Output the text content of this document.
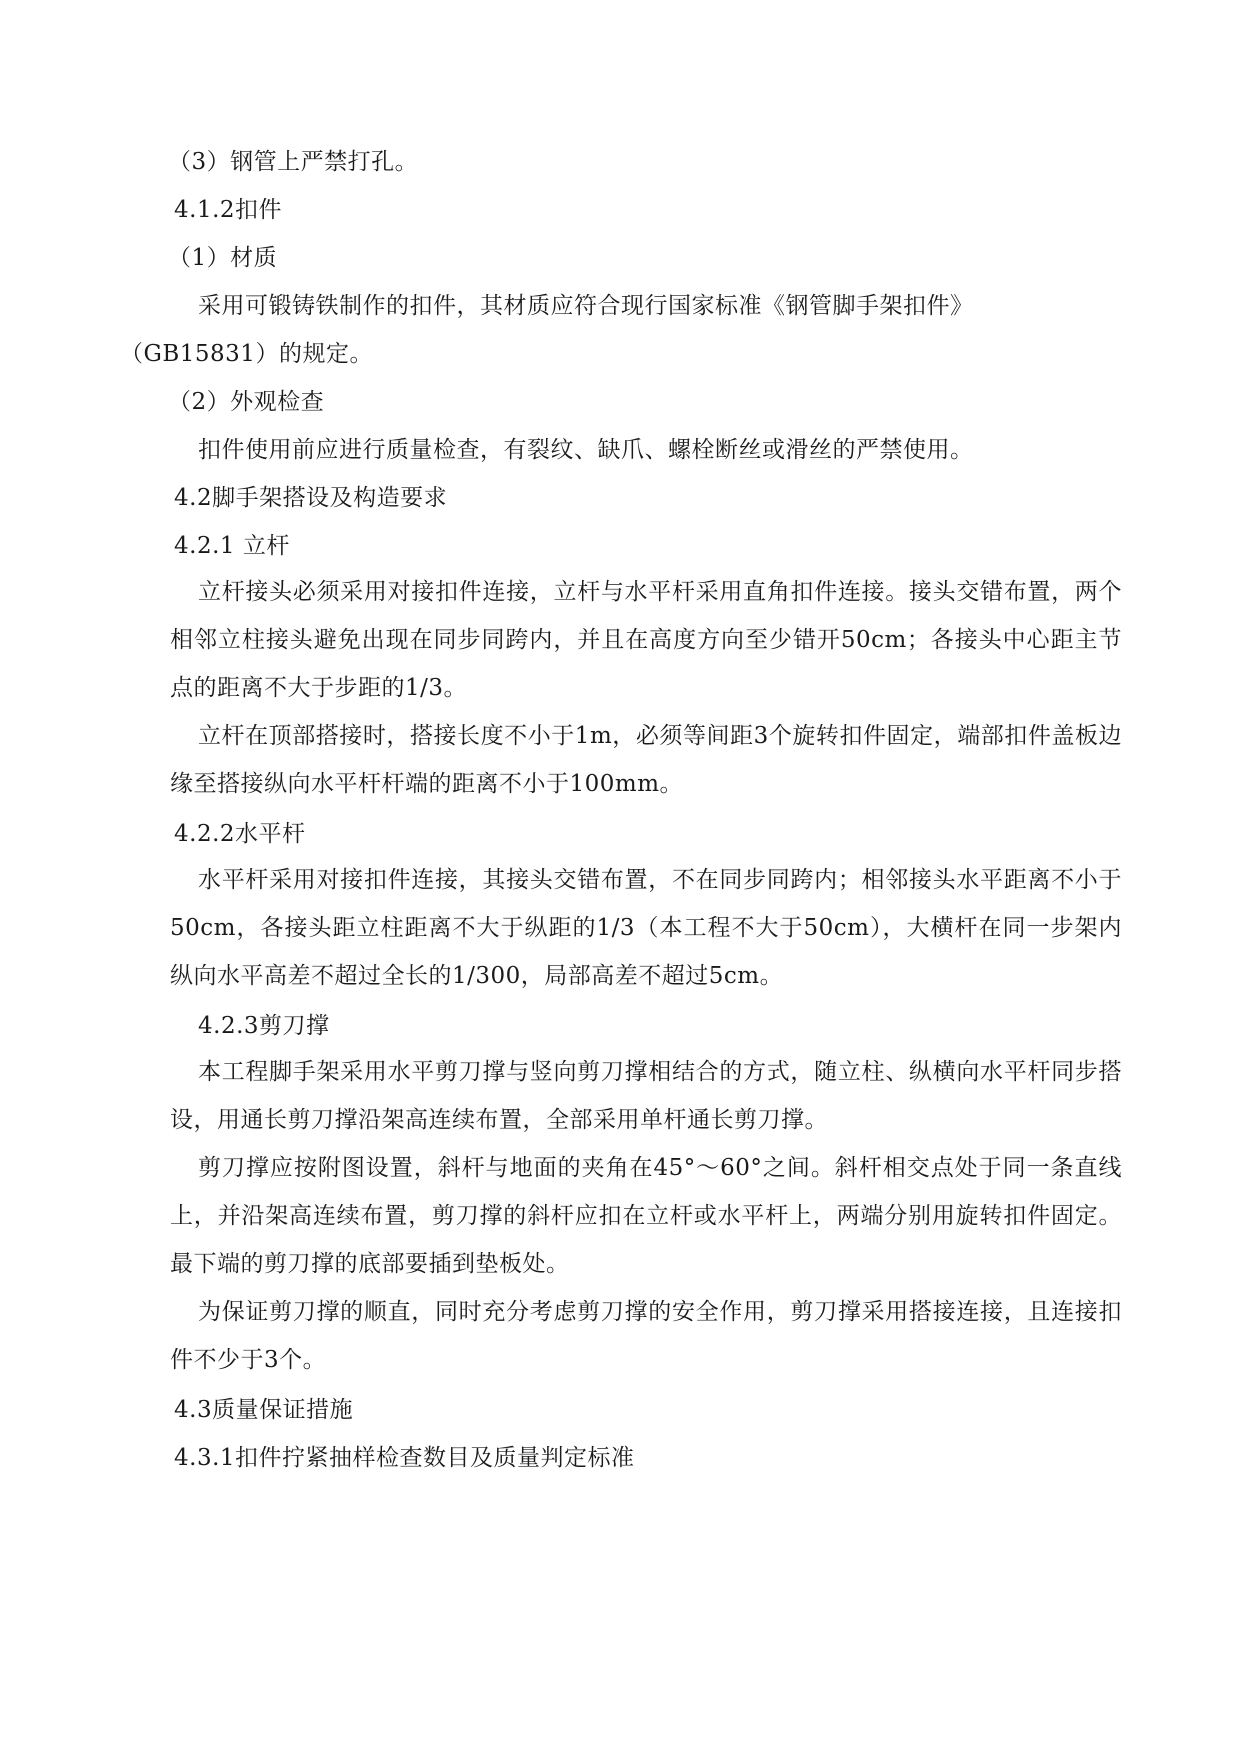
（3）钢管上严禁打孔。
4.1.2扣件
（1）材质
采用可锻铸铁制作的扣件，其材质应符合现行国家标准《钢管脚手架扣件》
（GB15831）的规定。
（2）外观检查
扣件使用前应进行质量检查，有裂纹、缺爪、螺栓断丝或滑丝的严禁使用。
4.2脚手架搭设及构造要求
4.2.1 立杆
立杆接头必须采用对接扣件连接，立杆与水平杆采用直角扣件连接。接头交错布置，两个相邻立柱接头避免出现在同步同跨内，并且在高度方向至少错开50cm；各接头中心距主节点的距离不大于步距的1/3。
立杆在顶部搭接时，搭接长度不小于1m，必须等间距3个旋转扣件固定，端部扣件盖板边缘至搭接纵向水平杆杆端的距离不小于100mm。
4.2.2水平杆
水平杆采用对接扣件连接，其接头交错布置，不在同步同跨内；相邻接头水平距离不小于50cm，各接头距立柱距离不大于纵距的1/3（本工程不大于50cm），大横杆在同一步架内纵向水平高差不超过全长的1/300，局部高差不超过5cm。
4.2.3剪刀撑
本工程脚手架采用水平剪刀撑与竖向剪刀撑相结合的方式，随立柱、纵横向水平杆同步搭设，用通长剪刀撑沿架高连续布置，全部采用单杆通长剪刀撑。
剪刀撑应按附图设置，斜杆与地面的夹角在45°～60°之间。斜杆相交点处于同一条直线上，并沿架高连续布置，剪刀撑的斜杆应扣在立杆或水平杆上，两端分别用旋转扣件固定。最下端的剪刀撑的底部要插到垫板处。
为保证剪刀撑的顺直，同时充分考虑剪刀撑的安全作用，剪刀撑采用搭接连接，且连接扣件不少于3个。
4.3质量保证措施
4.3.1扣件拧紧抽样检查数目及质量判定标准
